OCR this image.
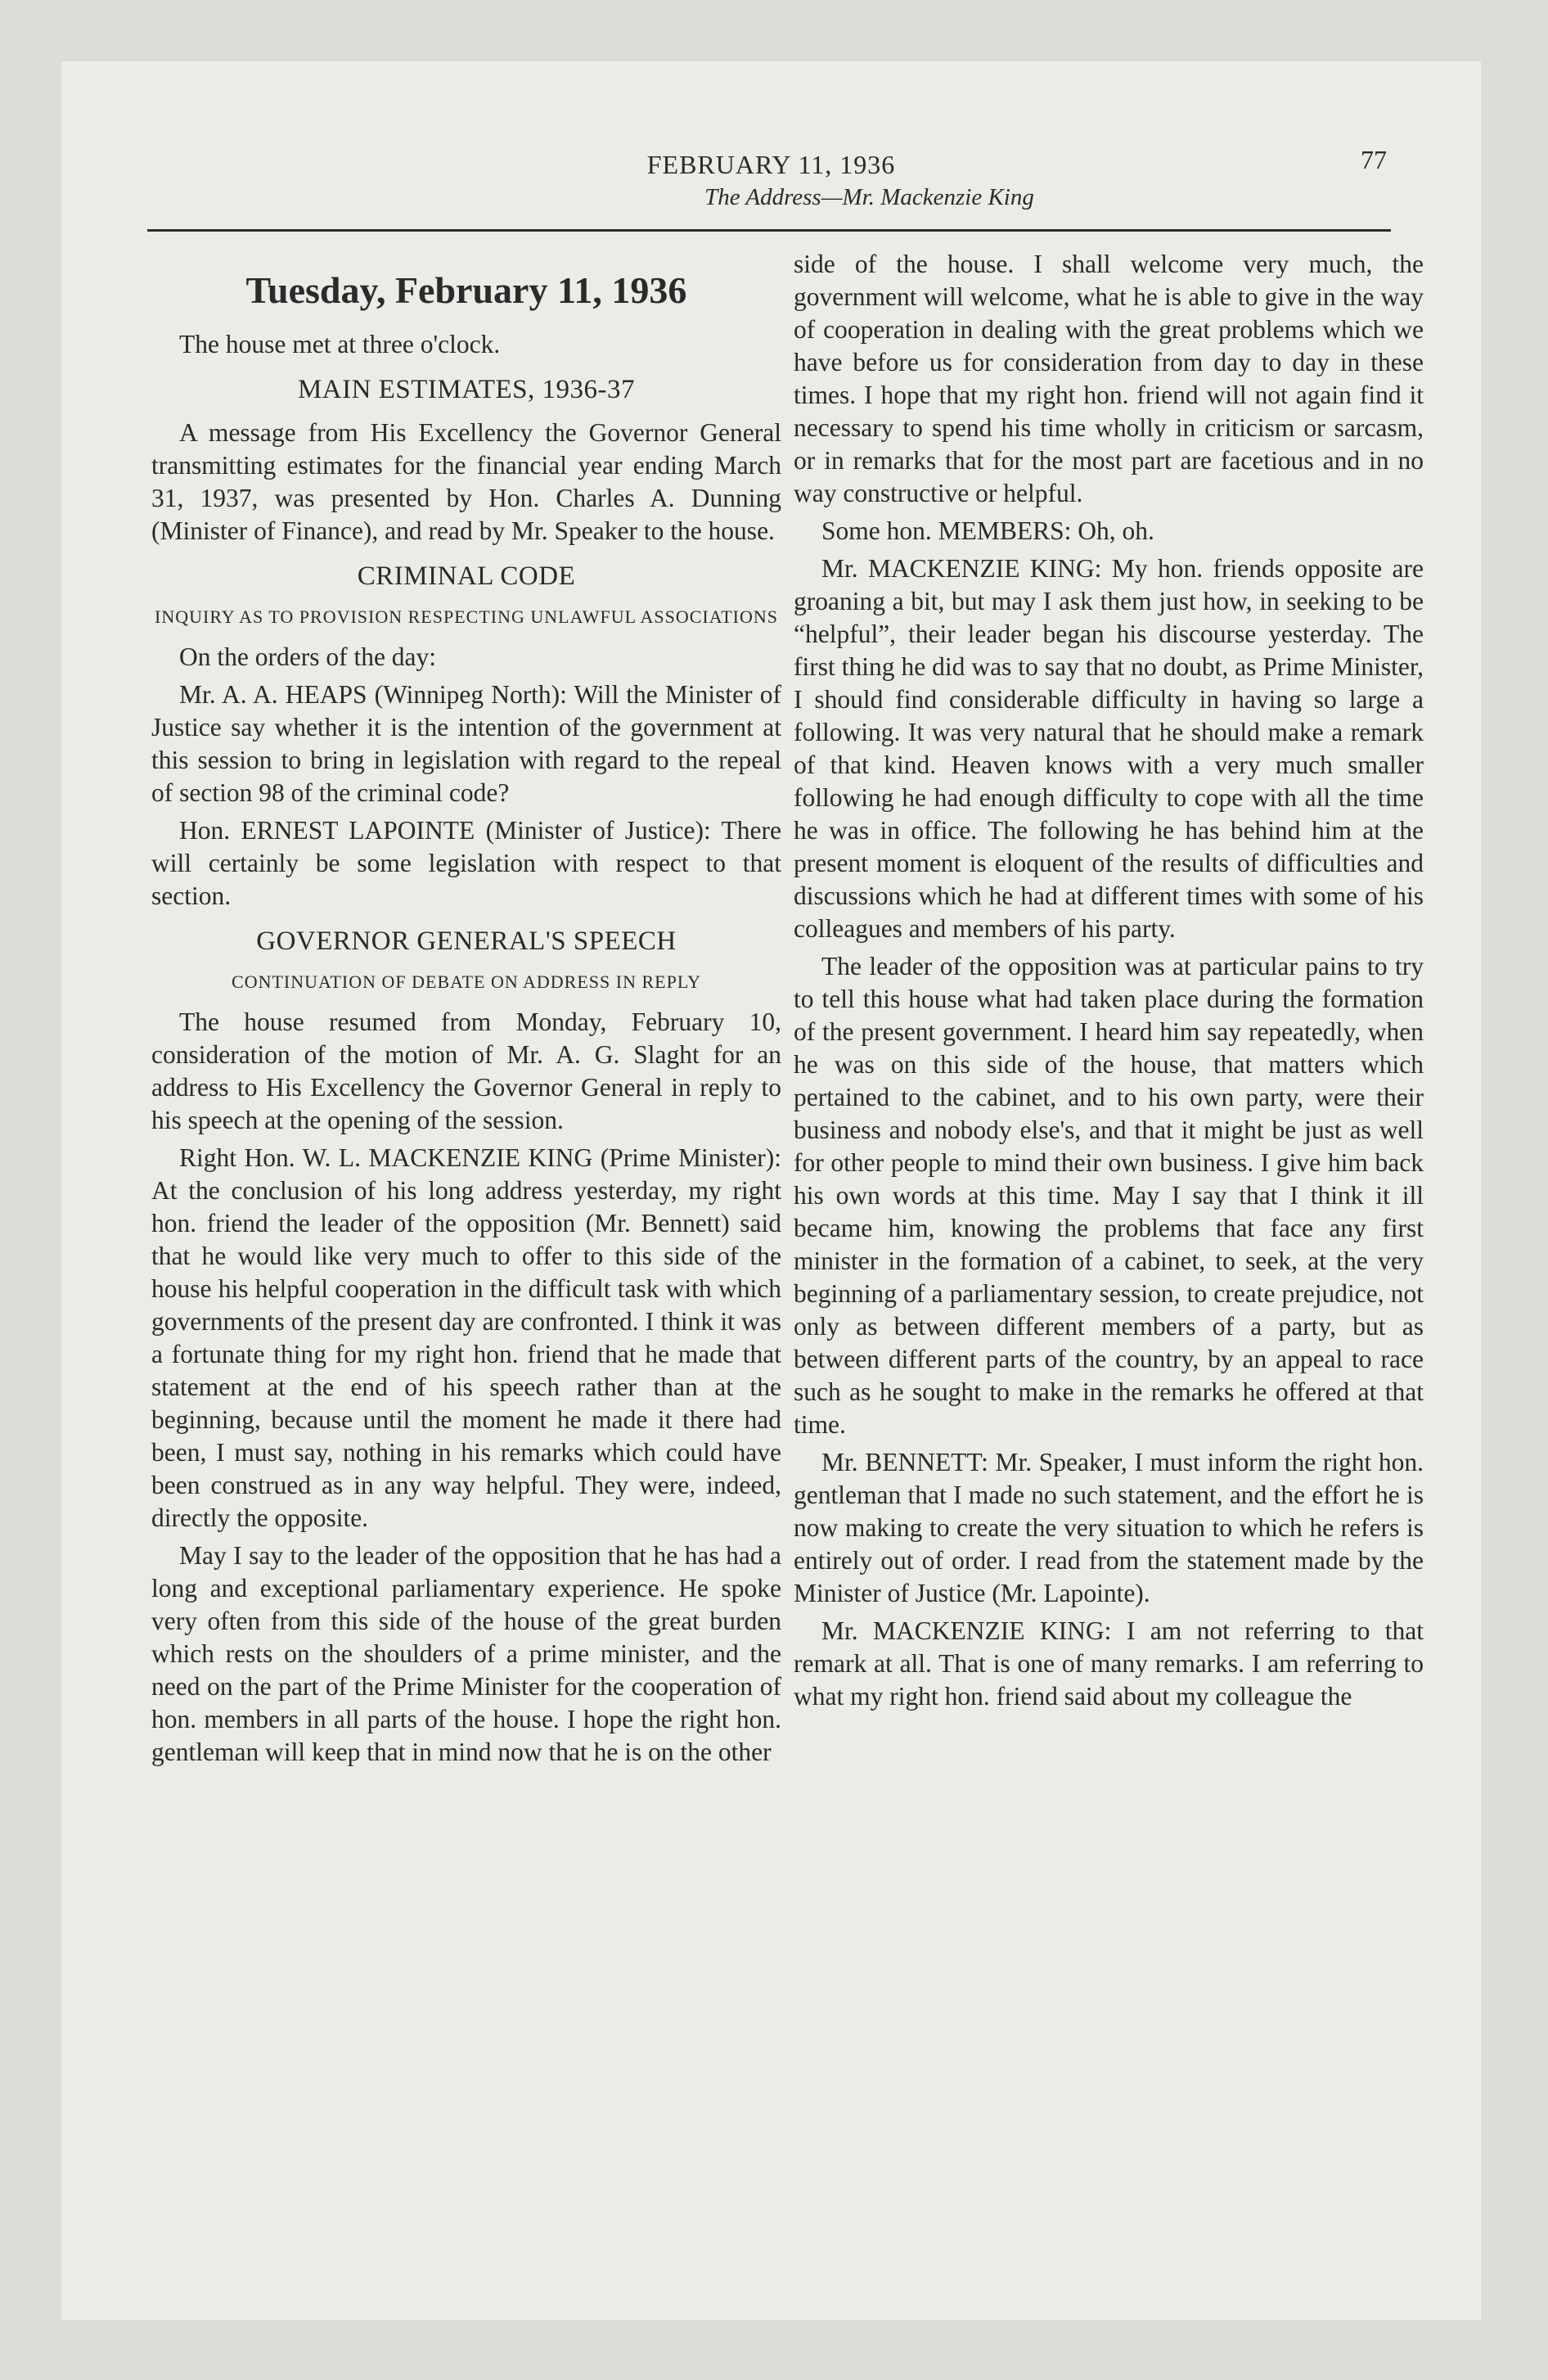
FEBRUARY 11, 1936
The Address—Mr. Mackenzie King
77
Tuesday, February 11, 1936

The house met at three o'clock.

MAIN ESTIMATES, 1936-37

A message from His Excellency the Governor General transmitting estimates for the financial year ending March 31, 1937, was presented by Hon. Charles A. Dunning (Minister of Finance), and read by Mr. Speaker to the house.

CRIMINAL CODE
INQUIRY AS TO PROVISION RESPECTING UNLAWFUL ASSOCIATIONS

On the orders of the day:

Mr. A. A. HEAPS (Winnipeg North): Will the Minister of Justice say whether it is the intention of the government at this session to bring in legislation with regard to the repeal of section 98 of the criminal code?

Hon. ERNEST LAPOINTE (Minister of Justice): There will certainly be some legislation with respect to that section.

GOVERNOR GENERAL'S SPEECH
CONTINUATION OF DEBATE ON ADDRESS IN REPLY

The house resumed from Monday, February 10, consideration of the motion of Mr. A. G. Slaght for an address to His Excellency the Governor General in reply to his speech at the opening of the session.

Right Hon. W. L. MACKENZIE KING (Prime Minister): At the conclusion of his long address yesterday, my right hon. friend the leader of the opposition (Mr. Bennett) said that he would like very much to offer to this side of the house his helpful cooperation in the difficult task with which governments of the present day are confronted. I think it was a fortunate thing for my right hon. friend that he made that statement at the end of his speech rather than at the beginning, because until the moment he made it there had been, I must say, nothing in his remarks which could have been construed as in any way helpful. They were, indeed, directly the opposite.

May I say to the leader of the opposition that he has had a long and exceptional parliamentary experience. He spoke very often from this side of the house of the great burden which rests on the shoulders of a prime minister, and the need on the part of the Prime Minister for the cooperation of hon. members in all parts of the house. I hope the right hon. gentleman will keep that in mind now that he is on the other

side of the house. I shall welcome very much, the government will welcome, what he is able to give in the way of cooperation in dealing with the great problems which we have before us for consideration from day to day in these times. I hope that my right hon. friend will not again find it necessary to spend his time wholly in criticism or sarcasm, or in remarks that for the most part are facetious and in no way constructive or helpful.

Some hon. MEMBERS: Oh, oh.

Mr. MACKENZIE KING: My hon. friends opposite are groaning a bit, but may I ask them just how, in seeking to be “helpful”, their leader began his discourse yesterday. The first thing he did was to say that no doubt, as Prime Minister, I should find considerable difficulty in having so large a following. It was very natural that he should make a remark of that kind. Heaven knows with a very much smaller following he had enough difficulty to cope with all the time he was in office. The following he has behind him at the present moment is eloquent of the results of difficulties and discussions which he had at different times with some of his colleagues and members of his party.

The leader of the opposition was at particular pains to try to tell this house what had taken place during the formation of the present government. I heard him say repeatedly, when he was on this side of the house, that matters which pertained to the cabinet, and to his own party, were their business and nobody else's, and that it might be just as well for other people to mind their own business. I give him back his own words at this time. May I say that I think it ill became him, knowing the problems that face any first minister in the formation of a cabinet, to seek, at the very beginning of a parliamentary session, to create prejudice, not only as between different members of a party, but as between different parts of the country, by an appeal to race such as he sought to make in the remarks he offered at that time.

Mr. BENNETT: Mr. Speaker, I must inform the right hon. gentleman that I made no such statement, and the effort he is now making to create the very situation to which he refers is entirely out of order. I read from the statement made by the Minister of Justice (Mr. Lapointe).

Mr. MACKENZIE KING: I am not referring to that remark at all. That is one of many remarks. I am referring to what my right hon. friend said about my colleague the
